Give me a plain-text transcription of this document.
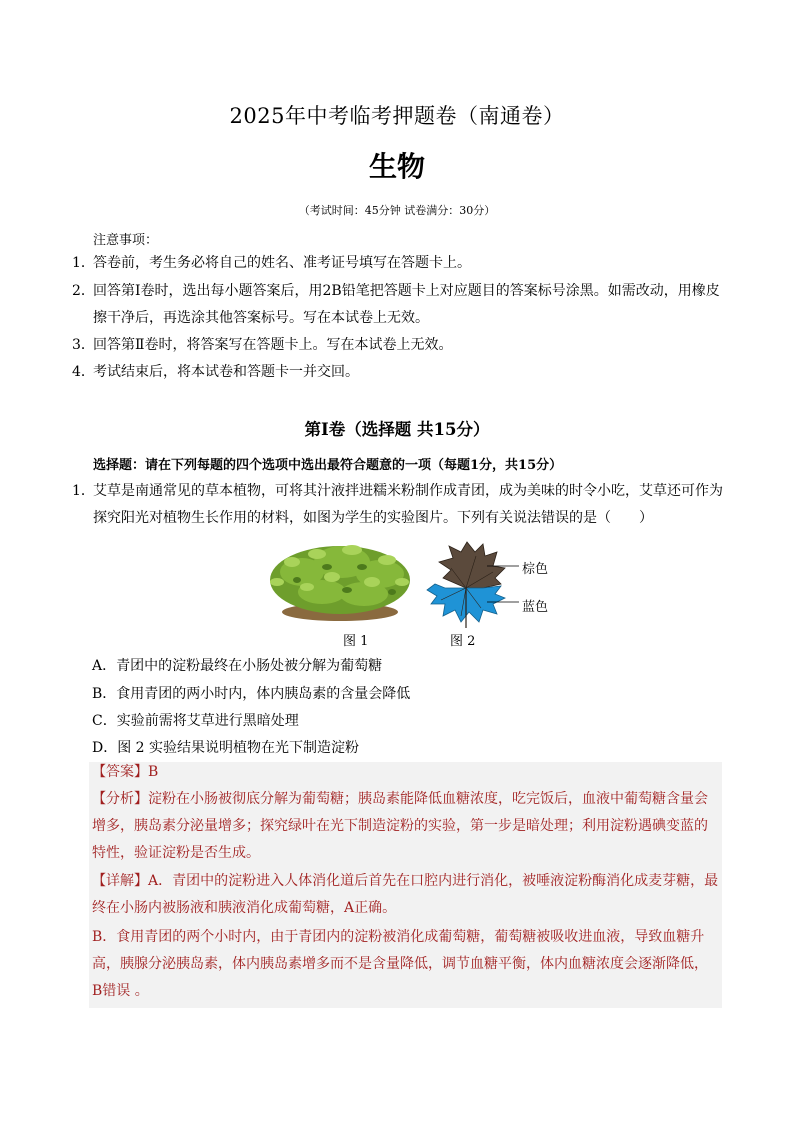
2025年中考临考押题卷（南通卷）
生物
（考试时间：45分钟 试卷满分：30分）
注意事项：
1．
答卷前，考生务必将自己的姓名、准考证号填写在答题卡上。
2．
回答第Ⅰ卷时，选出每小题答案后，用2B铅笔把答题卡上对应题目的答案标号涂黑。如需改动，用橡皮擦干净后，再选涂其他答案标号。写在本试卷上无效。
3．
回答第Ⅱ卷时，将答案写在答题卡上。写在本试卷上无效。
4．
考试结束后，将本试卷和答题卡一并交回。
第Ⅰ卷（选择题 共15分）
选择题：请在下列每题的四个选项中选出最符合题意的一项（每题1分，共15分）
1．
艾草是南通常见的草本植物，可将其汁液拌进糯米粉制作成青团，成为美味的时令小吃，艾草还可作为探究阳光对植物生长作用的材料，如图为学生的实验图片。下列有关说法错误的是（　　）
棕色
蓝色
图 1	图 2
A．青团中的淀粉最终在小肠处被分解为葡萄糖
B．食用青团的两小时内，体内胰岛素的含量会降低
C．实验前需将艾草进行黑暗处理
D．图 2 实验结果说明植物在光下制造淀粉
【答案】B
【分析】淀粉在小肠被彻底分解为葡萄糖；胰岛素能降低血糖浓度，吃完饭后，血液中葡萄糖含量会
增多，胰岛素分泌量增多；探究绿叶在光下制造淀粉的实验，第一步是暗处理；利用淀粉遇碘变蓝的
特性，验证淀粉是否生成。
【详解】A．青团中的淀粉进入人体消化道后首先在口腔内进行消化，被唾液淀粉酶消化成麦芽糖，最
终在小肠内被肠液和胰液消化成葡萄糖，A正确。
B．食用青团的两个小时内，由于青团内的淀粉被消化成葡萄糖，葡萄糖被吸收进血液，导致血糖升
高，胰腺分泌胰岛素，体内胰岛素增多而不是含量降低，调节血糖平衡，体内血糖浓度会逐渐降低，
B错误 。
